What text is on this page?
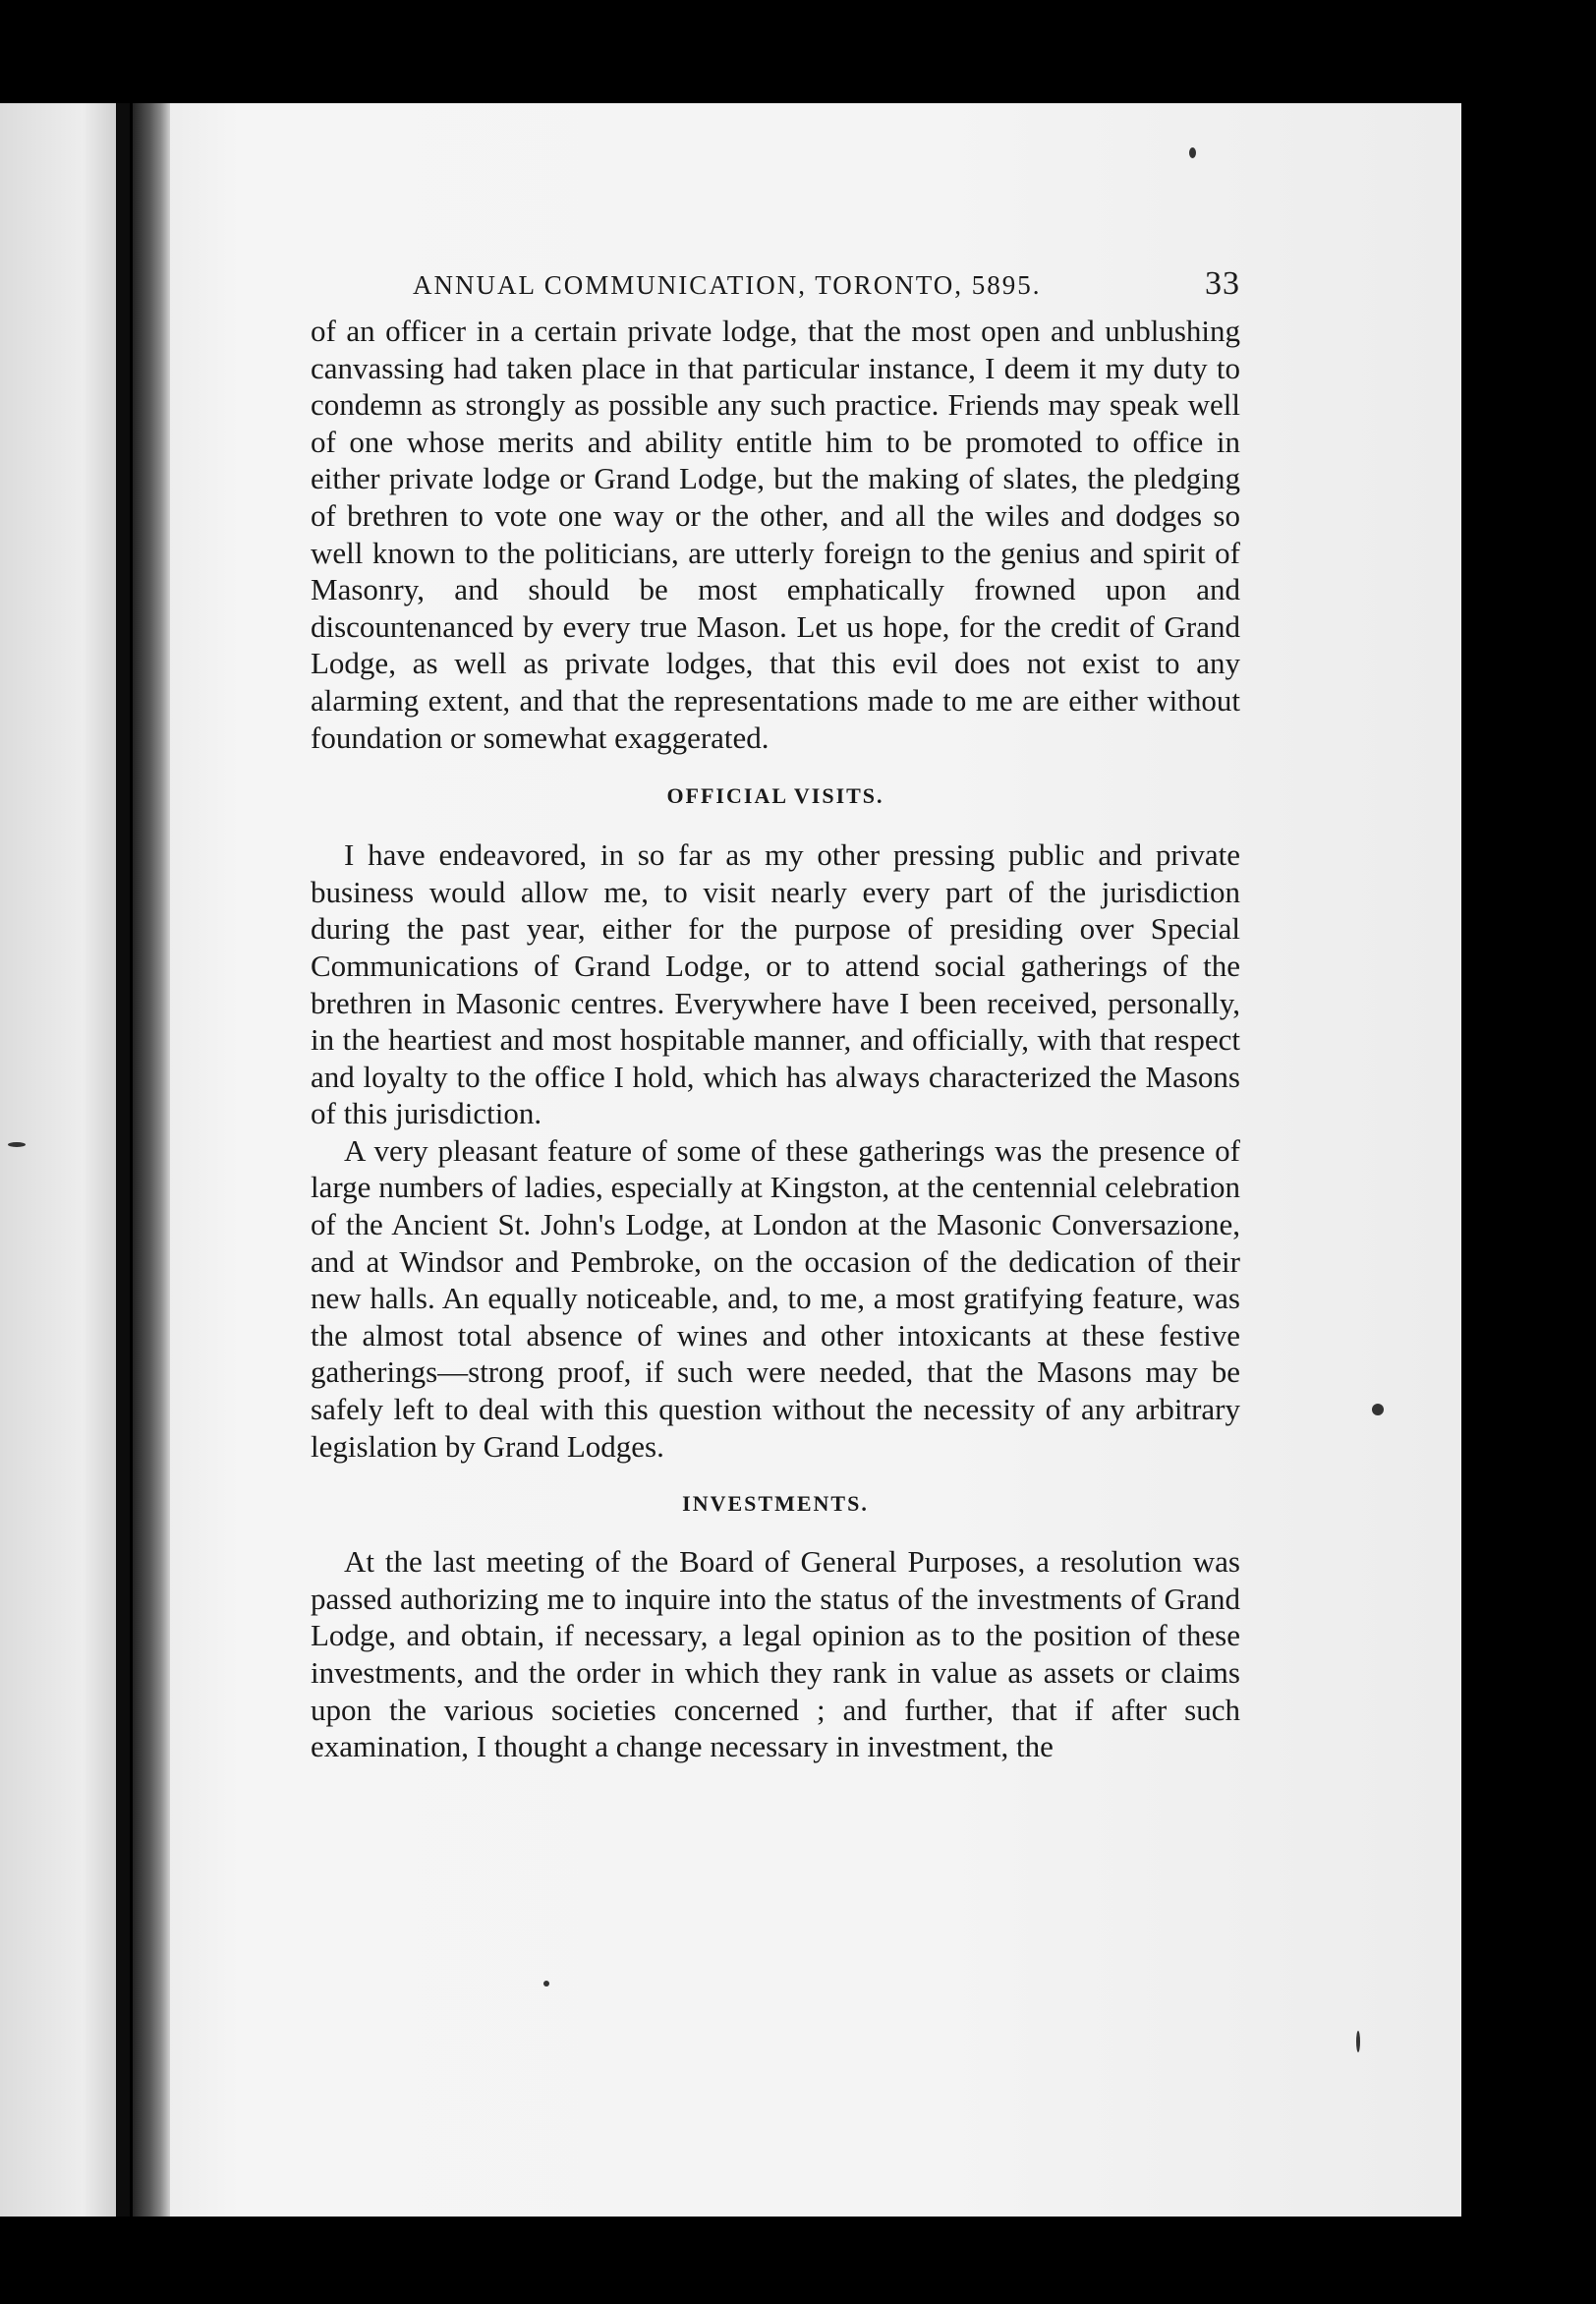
ANNUAL COMMUNICATION, TORONTO, 5895.	33

of an officer in a certain private lodge, that the most open and unblushing canvassing had taken place in that particular instance, I deem it my duty to condemn as strongly as possible any such practice. Friends may speak well of one whose merits and ability entitle him to be promoted to office in either private lodge or Grand Lodge, but the making of slates, the pledging of brethren to vote one way or the other, and all the wiles and dodges so well known to the politicians, are utterly foreign to the genius and spirit of Masonry, and should be most emphatically frowned upon and discountenanced by every true Mason. Let us hope, for the credit of Grand Lodge, as well as private lodges, that this evil does not exist to any alarming extent, and that the representations made to me are either without foundation or somewhat exaggerated.

OFFICIAL VISITS.

I have endeavored, in so far as my other pressing public and private business would allow me, to visit nearly every part of the jurisdiction during the past year, either for the purpose of presiding over Special Communications of Grand Lodge, or to attend social gatherings of the brethren in Masonic centres. Everywhere have I been received, personally, in the heartiest and most hospitable manner, and officially, with that respect and loyalty to the office I hold, which has always characterized the Masons of this jurisdiction.

A very pleasant feature of some of these gatherings was the presence of large numbers of ladies, especially at Kingston, at the centennial celebration of the Ancient St. John's Lodge, at London at the Masonic Conversazione, and at Windsor and Pembroke, on the occasion of the dedication of their new halls. An equally noticeable, and, to me, a most gratifying feature, was the almost total absence of wines and other intoxicants at these festive gatherings—strong proof, if such were needed, that the Masons may be safely left to deal with this question without the necessity of any arbitrary legislation by Grand Lodges.

INVESTMENTS.

At the last meeting of the Board of General Purposes, a resolution was passed authorizing me to inquire into the status of the investments of Grand Lodge, and obtain, if necessary, a legal opinion as to the position of these investments, and the order in which they rank in value as assets or claims upon the various societies concerned ; and further, that if after such examination, I thought a change necessary in investment, the
